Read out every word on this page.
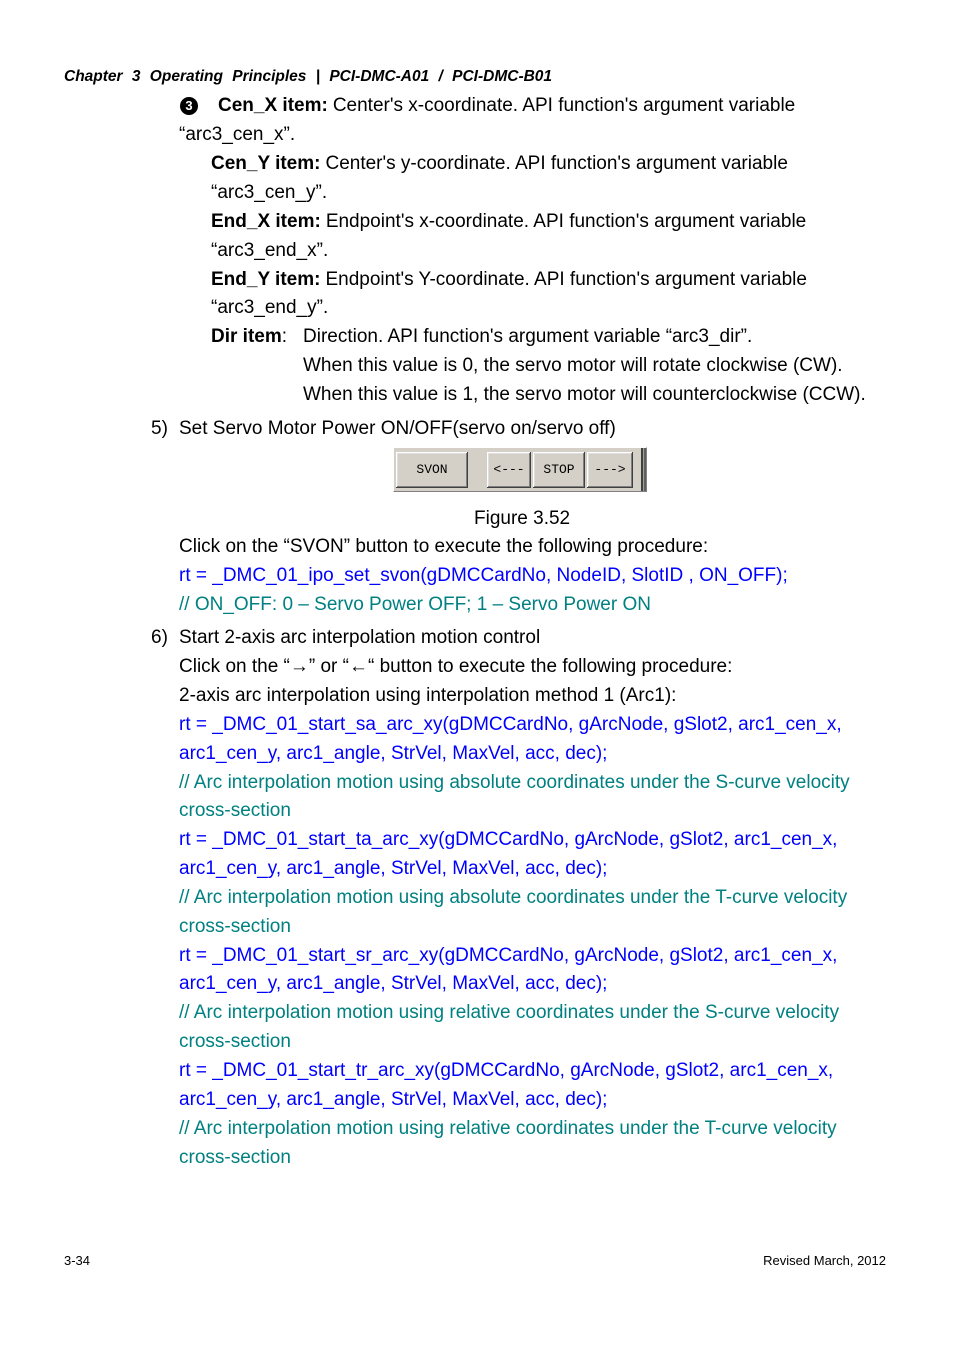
Chapter 3 Operating Principles | PCI-DMC-A01 / PCI-DMC-B01
3 Cen_X item: Center's x-coordinate. API function's argument variable
“arc3_cen_x”.
Cen_Y item: Center's y-coordinate. API function's argument variable
“arc3_cen_y”.
End_X item: Endpoint's x-coordinate. API function's argument variable
“arc3_end_x”.
End_Y item: Endpoint's Y-coordinate. API function's argument variable
“arc3_end_y”.
Dir item: Direction. API function's argument variable “arc3_dir”.
When this value is 0, the servo motor will rotate clockwise (CW).
When this value is 1, the servo motor will counterclockwise (CCW).
5) Set Servo Motor Power ON/OFF(servo on/servo off)
SVON	<---	STOP	--->
Figure 3.52
Click on the “SVON” button to execute the following procedure:
rt = _DMC_01_ipo_set_svon(gDMCCardNo, NodeID, SlotID , ON_OFF);
// ON_OFF: 0 – Servo Power OFF; 1 – Servo Power ON
6) Start 2-axis arc interpolation motion control
Click on the “→” or “←“ button to execute the following procedure:
2-axis arc interpolation using interpolation method 1 (Arc1):
rt = _DMC_01_start_sa_arc_xy(gDMCCardNo, gArcNode, gSlot2, arc1_cen_x,
arc1_cen_y, arc1_angle, StrVel, MaxVel, acc, dec);
// Arc interpolation motion using absolute coordinates under the S-curve velocity
cross-section
rt = _DMC_01_start_ta_arc_xy(gDMCCardNo, gArcNode, gSlot2, arc1_cen_x,
arc1_cen_y, arc1_angle, StrVel, MaxVel, acc, dec);
// Arc interpolation motion using absolute coordinates under the T-curve velocity
cross-section
rt = _DMC_01_start_sr_arc_xy(gDMCCardNo, gArcNode, gSlot2, arc1_cen_x,
arc1_cen_y, arc1_angle, StrVel, MaxVel, acc, dec);
// Arc interpolation motion using relative coordinates under the S-curve velocity
cross-section
rt = _DMC_01_start_tr_arc_xy(gDMCCardNo, gArcNode, gSlot2, arc1_cen_x,
arc1_cen_y, arc1_angle, StrVel, MaxVel, acc, dec);
// Arc interpolation motion using relative coordinates under the T-curve velocity
cross-section
3-34	Revised March, 2012
